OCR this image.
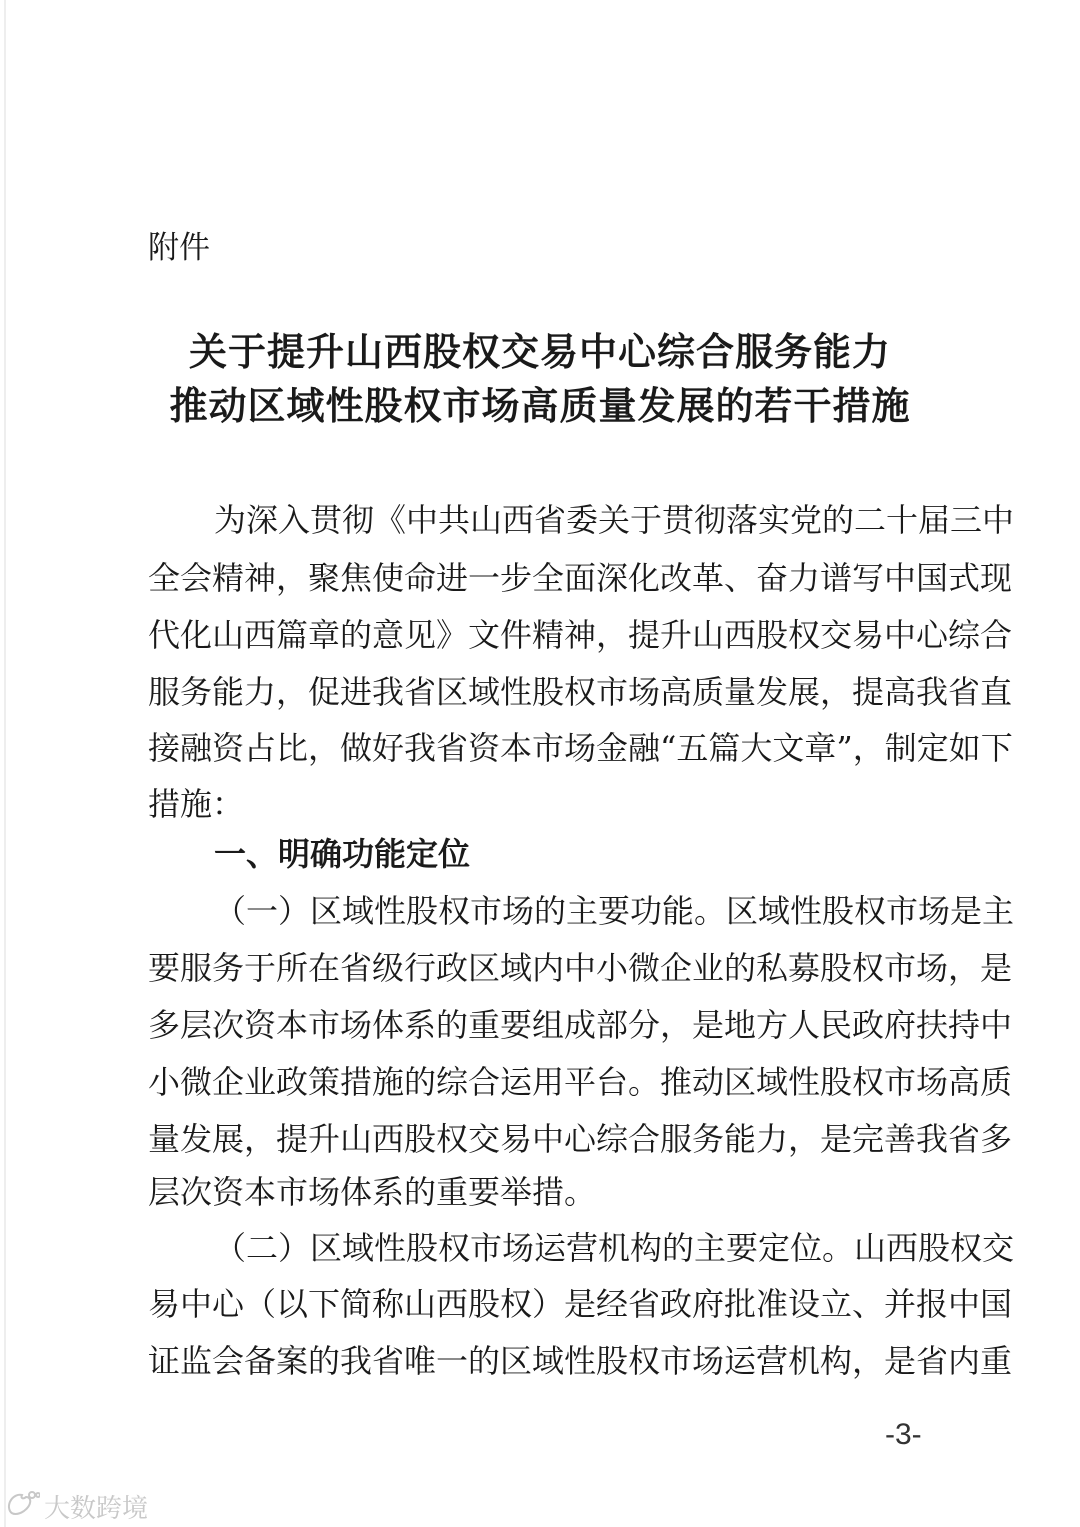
附件
关于提升山西股权交易中心综合服务能力
推动区域性股权市场高质量发展的若干措施
为深入贯彻《中共山西省委关于贯彻落实党的二十届三中
全会精神，聚焦使命进一步全面深化改革、奋力谱写中国式现
代化山西篇章的意见》文件精神，提升山西股权交易中心综合
服务能力，促进我省区域性股权市场高质量发展，提高我省直
接融资占比，做好我省资本市场金融“五篇大文章”，制定如下
措施：
一、明确功能定位
（一）区域性股权市场的主要功能。区域性股权市场是主
要服务于所在省级行政区域内中小微企业的私募股权市场，是
多层次资本市场体系的重要组成部分，是地方人民政府扶持中
小微企业政策措施的综合运用平台。推动区域性股权市场高质
量发展，提升山西股权交易中心综合服务能力，是完善我省多
层次资本市场体系的重要举措。
（二）区域性股权市场运营机构的主要定位。山西股权交
易中心（以下简称山西股权）是经省政府批准设立、并报中国
证监会备案的我省唯一的区域性股权市场运营机构，是省内重
-3-
大数跨境
